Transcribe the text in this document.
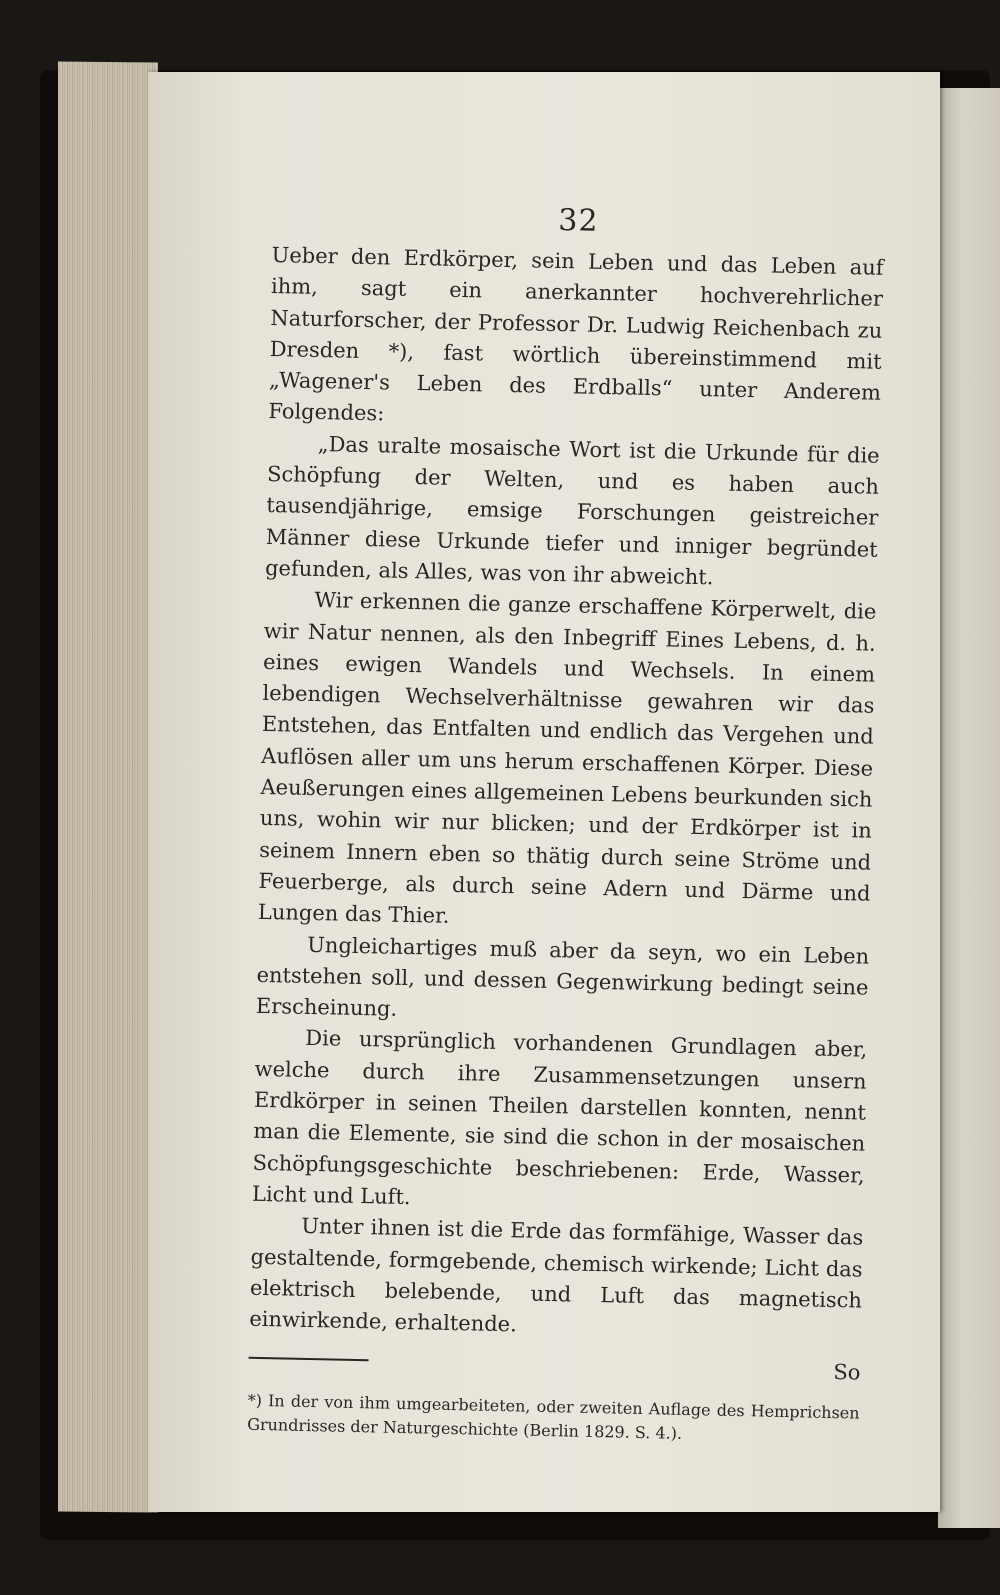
32

Ueber den Erdkörper, sein Leben und das Leben auf ihm, sagt ein anerkannter hochverehrlicher Naturforscher, der Professor Dr. Ludwig Reichenbach zu Dresden *), fast wörtlich übereinstimmend mit „Wagener's Leben des Erdballs“ unter Anderem Folgendes:

„Das uralte mosaische Wort ist die Urkunde für die Schöpfung der Welten, und es haben auch tausendjährige, emsige Forschungen geistreicher Männer diese Urkunde tiefer und inniger begründet gefunden, als Alles, was von ihr abweicht.

Wir erkennen die ganze erschaffene Körperwelt, die wir Natur nennen, als den Inbegriff Eines Lebens, d. h. eines ewigen Wandels und Wechsels. In einem lebendigen Wechselverhältnisse gewahren wir das Entstehen, das Entfalten und endlich das Vergehen und Auflösen aller um uns herum erschaffenen Körper. Diese Aeußerungen eines allgemeinen Lebens beurkunden sich uns, wohin wir nur blicken; und der Erdkörper ist in seinem Innern eben so thätig durch seine Ströme und Feuerberge, als durch seine Adern und Därme und Lungen das Thier.

Ungleichartiges muß aber da seyn, wo ein Leben entstehen soll, und dessen Gegenwirkung bedingt seine Erscheinung.

Die ursprünglich vorhandenen Grundlagen aber, welche durch ihre Zusammensetzungen unsern Erdkörper in seinen Theilen darstellen konnten, nennt man die Elemente, sie sind die schon in der mosaischen Schöpfungsgeschichte beschriebenen: Erde, Wasser, Licht und Luft.

Unter ihnen ist die Erde das formfähige, Wasser das gestaltende, formgebende, chemisch wirkende; Licht das elektrisch belebende, und Luft das magnetisch einwirkende, erhaltende.

So

*) In der von ihm umgearbeiteten, oder zweiten Auflage des Hemprichsen Grundrisses der Naturgeschichte (Berlin 1829. S. 4.).
